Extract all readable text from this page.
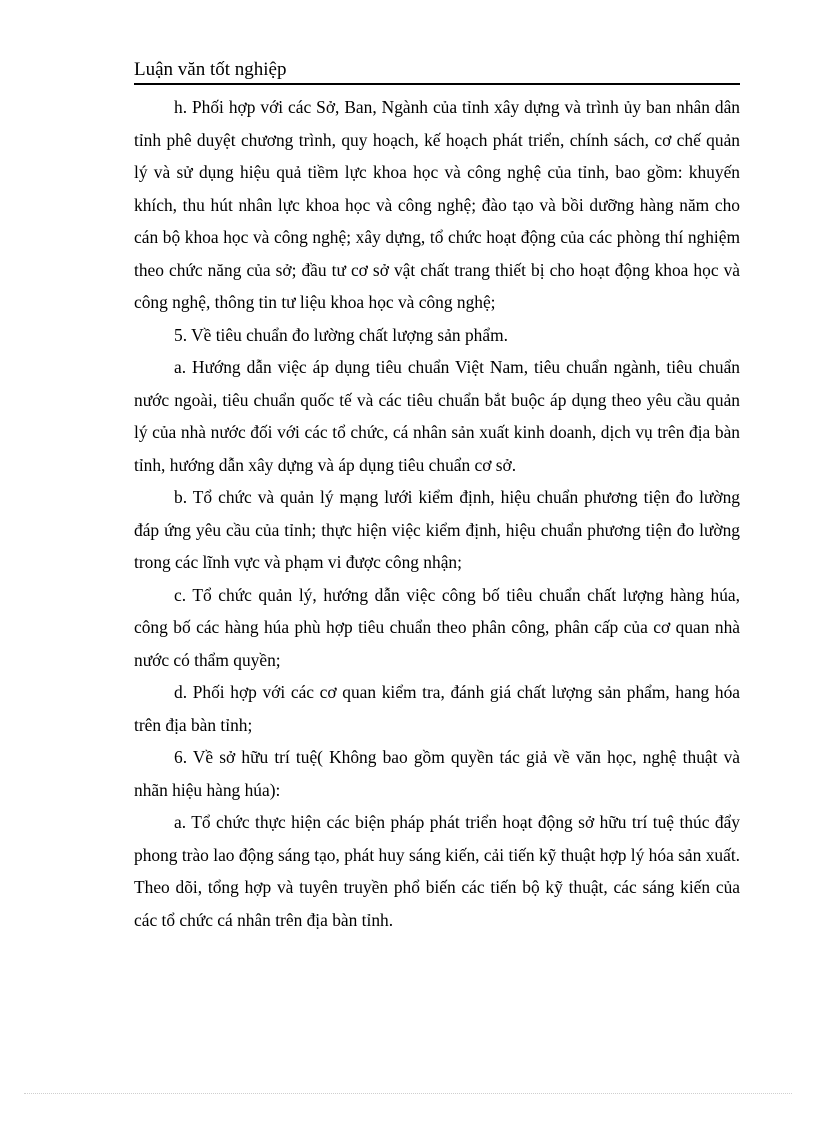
Luận văn tốt nghiệp

h. Phối hợp với các Sở, Ban, Ngành của tỉnh xây dựng và trình ủy ban nhân dân tỉnh phê duyệt chương trình, quy hoạch, kế hoạch phát triển, chính sách, cơ chế quản lý và sử dụng hiệu quả tiềm lực khoa học và công nghệ của tỉnh, bao gồm: khuyến khích, thu hút nhân lực khoa học và công nghệ; đào tạo và bồi dưỡng hàng năm cho cán bộ khoa học và công nghệ; xây dựng, tổ chức hoạt động của các phòng thí nghiệm theo chức năng của sở; đầu tư cơ sở vật chất trang thiết bị cho hoạt động khoa học và công nghệ, thông tin tư liệu khoa học và công nghệ;

5. Về tiêu chuẩn đo lường chất lượng sản phẩm.

a. Hướng dẫn việc áp dụng tiêu chuẩn Việt Nam, tiêu chuẩn ngành, tiêu chuẩn nước ngoài, tiêu chuẩn quốc tế và các tiêu chuẩn bắt buộc áp dụng theo yêu cầu quản lý của nhà nước đối với các tổ chức, cá nhân sản xuất kinh doanh, dịch vụ trên địa bàn tỉnh, hướng dẫn xây dựng và áp dụng tiêu chuẩn cơ sở.

b. Tổ chức và quản lý mạng lưới kiểm định, hiệu chuẩn phương tiện đo lường đáp ứng yêu cầu của tỉnh; thực hiện việc kiểm định, hiệu chuẩn phương tiện đo lường trong các lĩnh vực và phạm vi được công nhận;

c. Tổ chức quản lý, hướng dẫn việc công bố tiêu chuẩn chất lượng hàng húa, công bố các hàng húa phù hợp tiêu chuẩn theo phân công, phân cấp của cơ quan nhà nước có thẩm quyền;

d. Phối hợp với các cơ quan kiểm tra, đánh giá chất lượng sản phẩm, hang hóa trên địa bàn tỉnh;

6. Về sở hữu trí tuệ( Không bao gồm quyền tác giả về văn học, nghệ thuật và nhãn hiệu hàng húa):

a. Tổ chức thực hiện các biện pháp phát triển hoạt động sở hữu trí tuệ thúc đẩy phong trào lao động sáng tạo, phát huy sáng kiến, cải tiến kỹ thuật hợp lý hóa sản xuất. Theo dõi, tổng hợp và tuyên truyền phổ biến các tiến bộ kỹ thuật, các sáng kiến của các tổ chức cá nhân trên địa bàn tỉnh.
